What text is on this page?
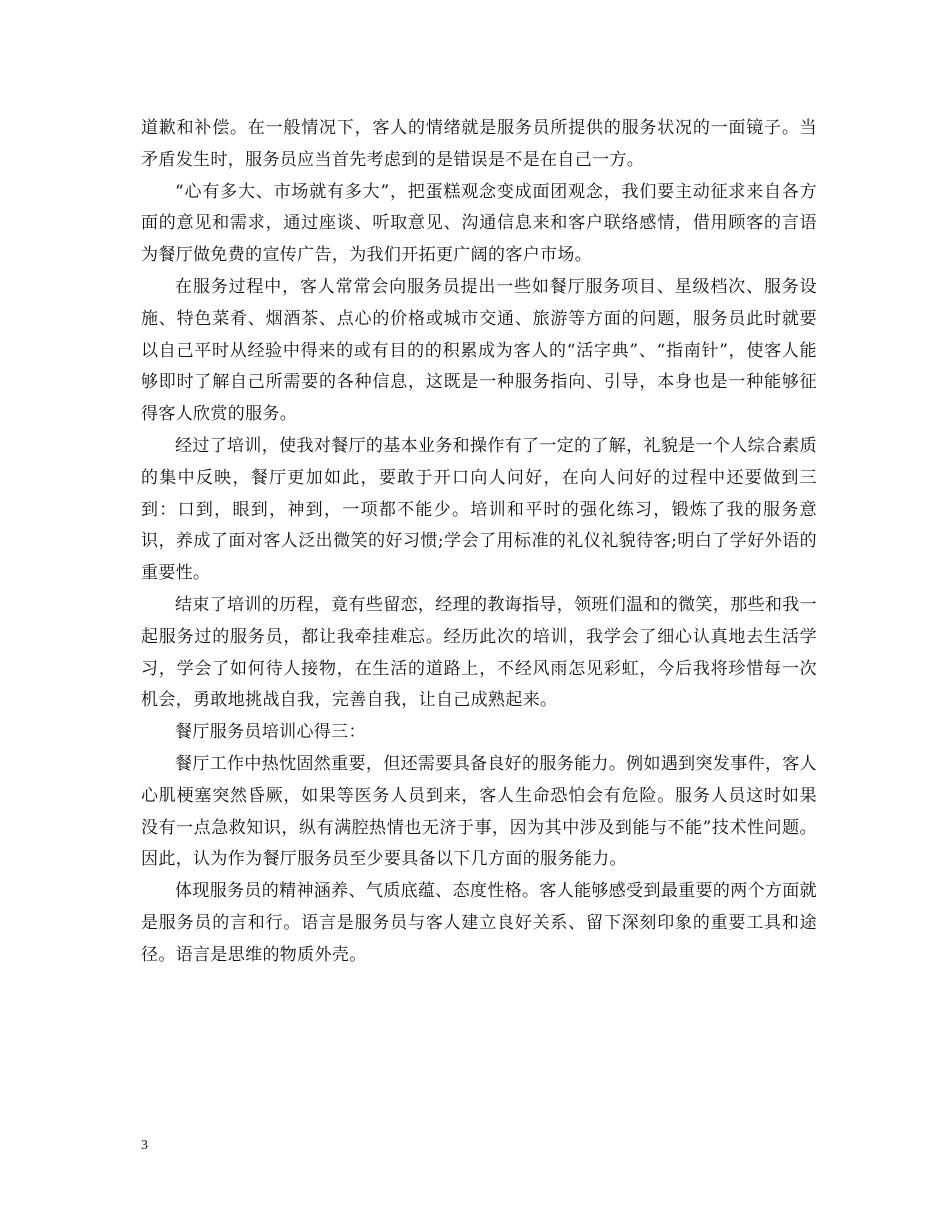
道歉和补偿。在一般情况下，客人的情绪就是服务员所提供的服务状况的一面镜子。当矛盾发生时，服务员应当首先考虑到的是错误是不是在自己一方。

“心有多大、市场就有多大”，把蛋糕观念变成面团观念，我们要主动征求来自各方面的意见和需求，通过座谈、听取意见、沟通信息来和客户联络感情，借用顾客的言语为餐厅做免费的宣传广告，为我们开拓更广阔的客户市场。

在服务过程中，客人常常会向服务员提出一些如餐厅服务项目、星级档次、服务设施、特色菜肴、烟酒茶、点心的价格或城市交通、旅游等方面的问题，服务员此时就要以自己平时从经验中得来的或有目的的积累成为客人的“活字典”、“指南针”，使客人能够即时了解自己所需要的各种信息，这既是一种服务指向、引导，本身也是一种能够征得客人欣赏的服务。

经过了培训，使我对餐厅的基本业务和操作有了一定的了解，礼貌是一个人综合素质的集中反映，餐厅更加如此，要敢于开口向人问好，在向人问好的过程中还要做到三到：口到，眼到，神到，一项都不能少。培训和平时的强化练习，锻炼了我的服务意识，养成了面对客人泛出微笑的好习惯;学会了用标准的礼仪礼貌待客;明白了学好外语的重要性。

结束了培训的历程，竟有些留恋，经理的教诲指导，领班们温和的微笑，那些和我一起服务过的服务员，都让我牵挂难忘。经历此次的培训，我学会了细心认真地去生活学习，学会了如何待人接物，在生活的道路上，不经风雨怎见彩虹，今后我将珍惜每一次机会，勇敢地挑战自我，完善自我，让自己成熟起来。

餐厅服务员培训心得三：

餐厅工作中热忱固然重要，但还需要具备良好的服务能力。例如遇到突发事件，客人心肌梗塞突然昏厥，如果等医务人员到来，客人生命恐怕会有危险。服务人员这时如果没有一点急救知识，纵有满腔热情也无济于事，因为其中涉及到能与不能”技术性问题。因此，认为作为餐厅服务员至少要具备以下几方面的服务能力。

体现服务员的精神涵养、气质底蕴、态度性格。客人能够感受到最重要的两个方面就是服务员的言和行。语言是服务员与客人建立良好关系、留下深刻印象的重要工具和途径。语言是思维的物质外壳。

3
